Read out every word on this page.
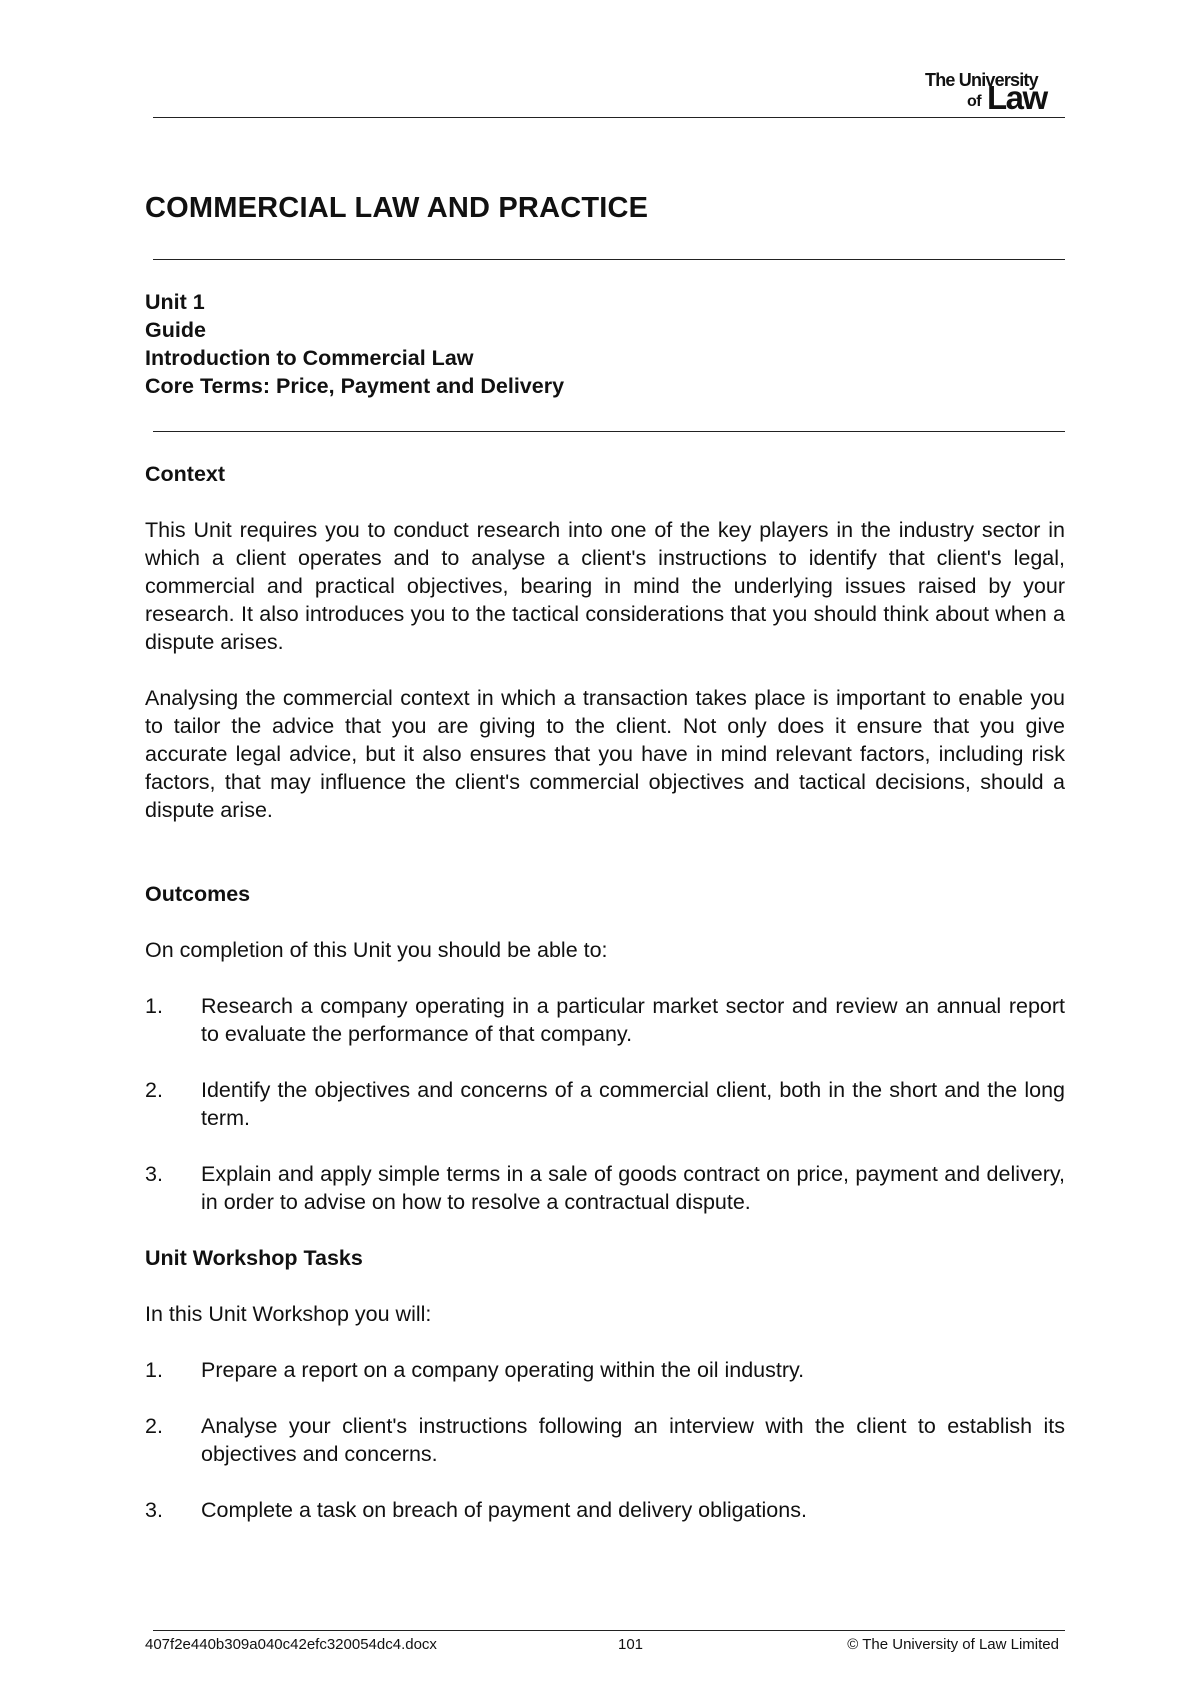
The University
of Law
COMMERCIAL LAW AND PRACTICE
Unit 1
Guide
Introduction to Commercial Law
Core Terms: Price, Payment and Delivery
Context

This Unit requires you to conduct research into one of the key players in the industry sector in which a client operates and to analyse a client's instructions to identify that client's legal, commercial and practical objectives, bearing in mind the underlying issues raised by your research. It also introduces you to the tactical considerations that you should think about when a dispute arises.

Analysing the commercial context in which a transaction takes place is important to enable you to tailor the advice that you are giving to the client. Not only does it ensure that you give accurate legal advice, but it also ensures that you have in mind relevant factors, including risk factors, that may influence the client's commercial objectives and tactical decisions, should a dispute arise.

Outcomes

On completion of this Unit you should be able to:

1. Research a company operating in a particular market sector and review an annual report to evaluate the performance of that company.
2. Identify the objectives and concerns of a commercial client, both in the short and the long term.
3. Explain and apply simple terms in a sale of goods contract on price, payment and delivery, in order to advise on how to resolve a contractual dispute.
Unit Workshop Tasks

In this Unit Workshop you will:

1. Prepare a report on a company operating within the oil industry.
2. Analyse your client's instructions following an interview with the client to establish its objectives and concerns.
3. Complete a task on breach of payment and delivery obligations.
407f2e440b309a040c42efc320054dc4.docx	101	© The University of Law Limited
